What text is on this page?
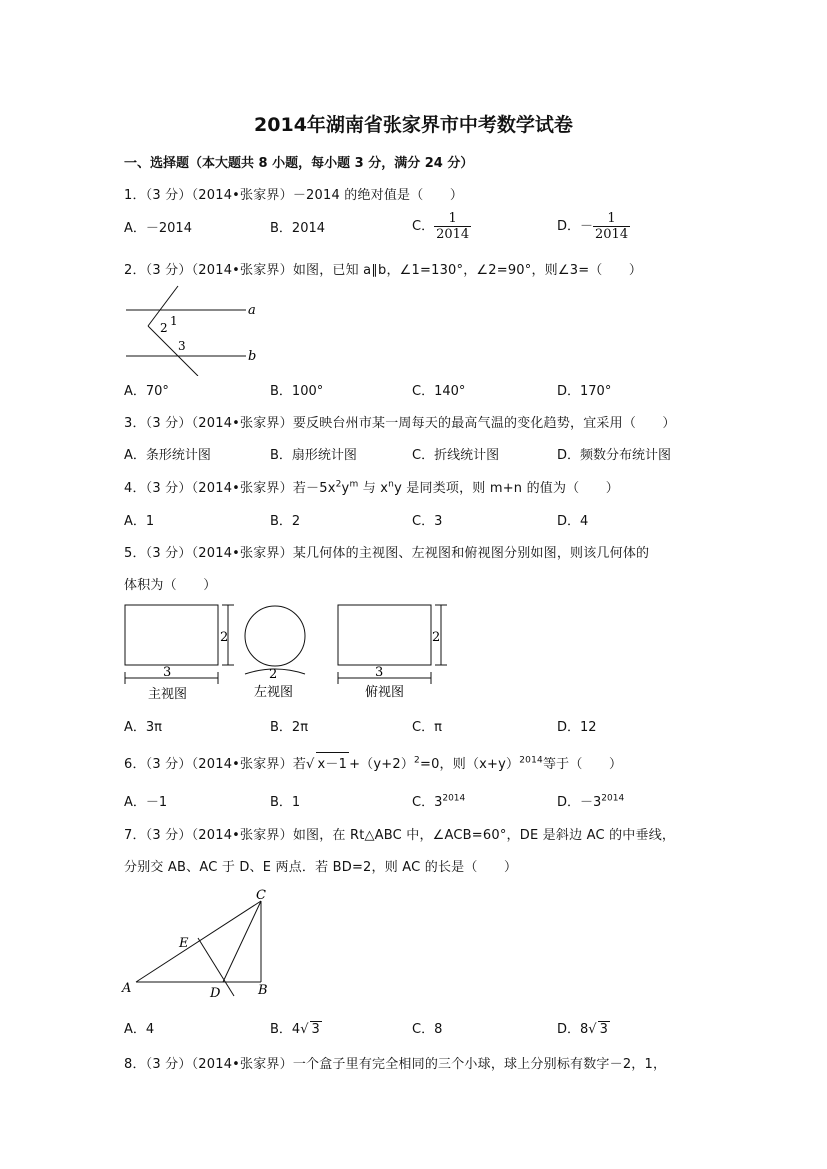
2014年湖南省张家界市中考数学试卷
一、选择题（本大题共 8 小题，每小题 3 分，满分 24 分）
1．（3 分）（2014•张家界）－2014 的绝对值是（　　）
A．－2014	B．2014	C． $\frac{1}{2014}$	D．－ $\frac{1}{2014}$
2．（3 分）（2014•张家界）如图，已知 a∥b，∠1=130°，∠2=90°，则∠3=（　　）
a
b
1
2
3
A．70°	B．100°	C．140°	D．170°
3．（3 分）（2014•张家界）要反映台州市某一周每天的最高气温的变化趋势，宜采用（　　）
A．条形统计图	B．扇形统计图	C．折线统计图	D．频数分布统计图
4．（3 分）（2014•张家界）若$-5x^2y^m$ 与 $x^ny$ 是同类项，则 m+n 的值为（　　）
A．1	B．2	C．3	D．4
5．（3 分）（2014•张家界）某几何体的主视图、左视图和俯视图分别如图，则该几何体的
体积为（　　）
2
3
主视图
2
左视图
2
3
俯视图
A．3π	B．2π	C．π	D．12
6．（3 分）（2014•张家界）若√ $x-1 +(y+2)^2=0$，则$(x+y)^{2014}$等于（　　）
A．－1	B．1	C．$3^{2014}$	D．$-3^{2014}$
7．（3 分）（2014•张家界）如图，在 Rt△ABC 中，∠ACB=60°，DE 是斜边 AC 的中垂线，
分别交 AB、AC 于 D、E 两点．若 BD=2，则 AC 的长是（　　）
A	B
C
D
E
A．4	B．4√ 3	C．8	D．8√ 3
8．（3 分）（2014•张家界）一个盒子里有完全相同的三个小球，球上分别标有数字－2，1，
